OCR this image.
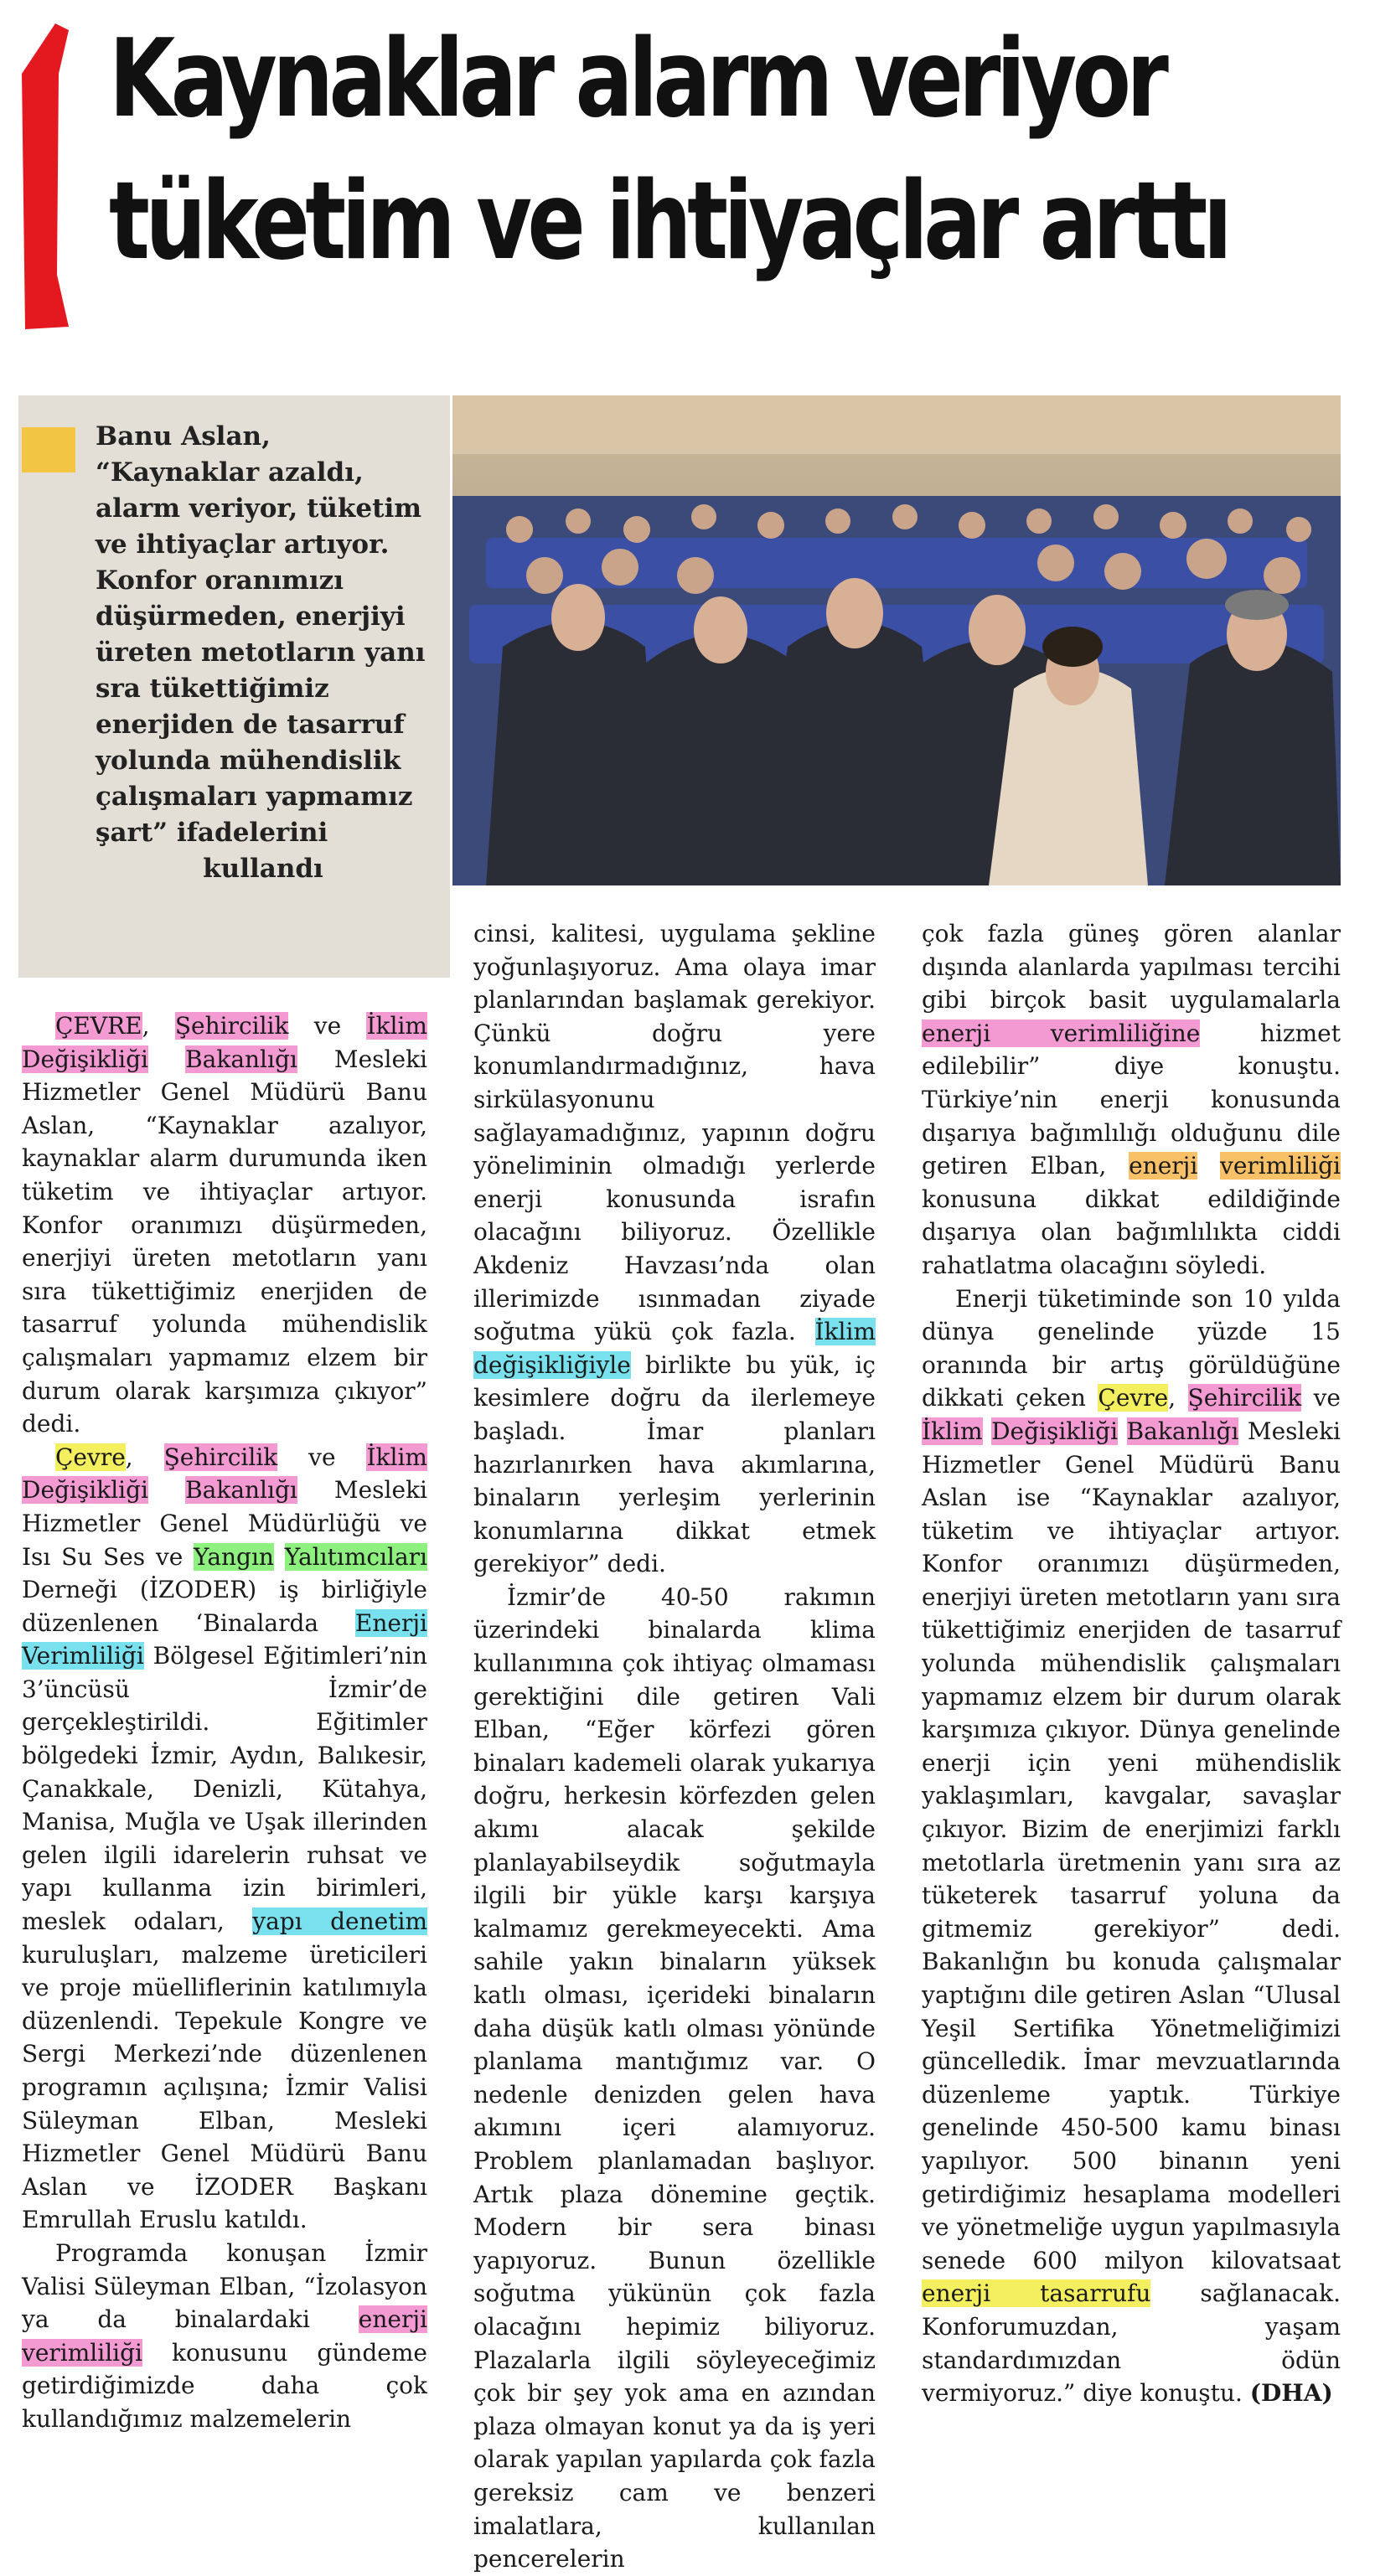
Kaynaklar alarm veriyor
tüketim ve ihtiyaçlar arttı

Banu Aslan, “Kaynaklar azaldı, alarm veriyor, tüketim ve ihtiyaçlar artıyor. Konfor oranımızı düşürmeden, enerjiyi üreten metotların yanı sra tükettiğimiz enerjiden de tasarruf yolunda mühendislik çalışmaları yapmamız şart” ifadelerini
kullandı

ÇEVRE, Şehircilik ve İklim Değişikliği Bakanlığı Mesleki Hizmetler Genel Müdürü Banu Aslan, “Kaynaklar azalıyor, kaynaklar alarm durumunda iken tüketim ve ihtiyaçlar artıyor. Konfor oranımızı düşürmeden, enerjiyi üreten metotların yanı sıra tükettiğimiz enerjiden de tasarruf yolunda mühendislik çalışmaları yapmamız elzem bir durum olarak karşımıza çıkıyor” dedi.

Çevre, Şehircilik ve İklim Değişikliği Bakanlığı Mesleki Hizmetler Genel Müdürlüğü ve Isı Su Ses ve Yangın Yalıtımcıları Derneği (İZODER) iş birliğiyle düzenlenen ‘Binalarda Enerji Verimliliği Bölgesel Eğitimleri’nin 3’üncüsü İzmir’de gerçekleştirildi. Eğitimler bölgedeki İzmir, Aydın, Balıkesir, Çanakkale, Denizli, Kütahya, Manisa, Muğla ve Uşak illerinden gelen ilgili idarelerin ruhsat ve yapı kullanma izin birimleri, meslek odaları, yapı denetim kuruluşları, malzeme üreticileri ve proje müelliflerinin katılımıyla düzenlendi. Tepekule Kongre ve Sergi Merkezi’nde düzenlenen programın açılışına; İzmir Valisi Süleyman Elban, Mesleki Hizmetler Genel Müdürü Banu Aslan ve İZODER Başkanı Emrullah Eruslu katıldı.

Programda konuşan İzmir Valisi Süleyman Elban, “İzolasyon ya da binalardaki enerji verimliliği konusunu gündeme getirdiğimizde daha çok kullandığımız malzemelerin

cinsi, kalitesi, uygulama şekline yoğunlaşıyoruz. Ama olaya imar planlarından başlamak gerekiyor. Çünkü doğru yere konumlandırmadığınız, hava sirkülasyonunu sağlayamadığınız, yapının doğru yöneliminin olmadığı yerlerde enerji konusunda israfın olacağını biliyoruz. Özellikle Akdeniz Havzası’nda olan illerimizde ısınmadan ziyade soğutma yükü çok fazla. İklim değişikliğiyle birlikte bu yük, iç kesimlere doğru da ilerlemeye başladı. İmar planları hazırlanırken hava akımlarına, binaların yerleşim yerlerinin konumlarına dikkat etmek gerekiyor” dedi.

İzmir’de 40-50 rakımın üzerindeki binalarda klima kullanımına çok ihtiyaç olmaması gerektiğini dile getiren Vali Elban, “Eğer körfezi gören binaları kademeli olarak yukarıya doğru, herkesin körfezden gelen akımı alacak şekilde planlayabilseydik soğutmayla ilgili bir yükle karşı karşıya kalmamız gerekmeyecekti. Ama sahile yakın binaların yüksek katlı olması, içerideki binaların daha düşük katlı olması yönünde planlama mantığımız var. O nedenle denizden gelen hava akımını içeri alamıyoruz. Problem planlamadan başlıyor. Artık plaza dönemine geçtik. Modern bir sera binası yapıyoruz. Bunun özellikle soğutma yükünün çok fazla olacağını hepimiz biliyoruz. Plazalarla ilgili söyleyeceğimiz çok bir şey yok ama en azından plaza olmayan konut ya da iş yeri olarak yapılan yapılarda çok fazla gereksiz cam ve benzeri imalatlara, kullanılan pencerelerin

çok fazla güneş gören alanlar dışında alanlarda yapılması tercihi gibi birçok basit uygulamalarla enerji verimliliğine hizmet edilebilir” diye konuştu. Türkiye’nin enerji konusunda dışarıya bağımlılığı olduğunu dile getiren Elban, enerji verimliliği konusuna dikkat edildiğinde dışarıya olan bağımlılıkta ciddi rahatlatma olacağını söyledi.

Enerji tüketiminde son 10 yılda dünya genelinde yüzde 15 oranında bir artış görüldüğüne dikkati çeken Çevre, Şehircilik ve İklim Değişikliği Bakanlığı Mesleki Hizmetler Genel Müdürü Banu Aslan ise “Kaynaklar azalıyor, tüketim ve ihtiyaçlar artıyor. Konfor oranımızı düşürmeden, enerjiyi üreten metotların yanı sıra tükettiğimiz enerjiden de tasarruf yolunda mühendislik çalışmaları yapmamız elzem bir durum olarak karşımıza çıkıyor. Dünya genelinde enerji için yeni mühendislik yaklaşımları, kavgalar, savaşlar çıkıyor. Bizim de enerjimizi farklı metotlarla üretmenin yanı sıra az tüketerek tasarruf yoluna da gitmemiz gerekiyor” dedi. Bakanlığın bu konuda çalışmalar yaptığını dile getiren Aslan “Ulusal Yeşil Sertifika Yönetmeliğimizi güncelledik. İmar mevzuatlarında düzenleme yaptık. Türkiye genelinde 450-500 kamu binası yapılıyor. 500 binanın yeni getirdiğimiz hesaplama modelleri ve yönetmeliğe uygun yapılmasıyla senede 600 milyon kilovatsaat enerji tasarrufu sağlanacak. Konforumuzdan, yaşam standardımızdan ödün vermiyoruz.” diye konuştu. (DHA)
